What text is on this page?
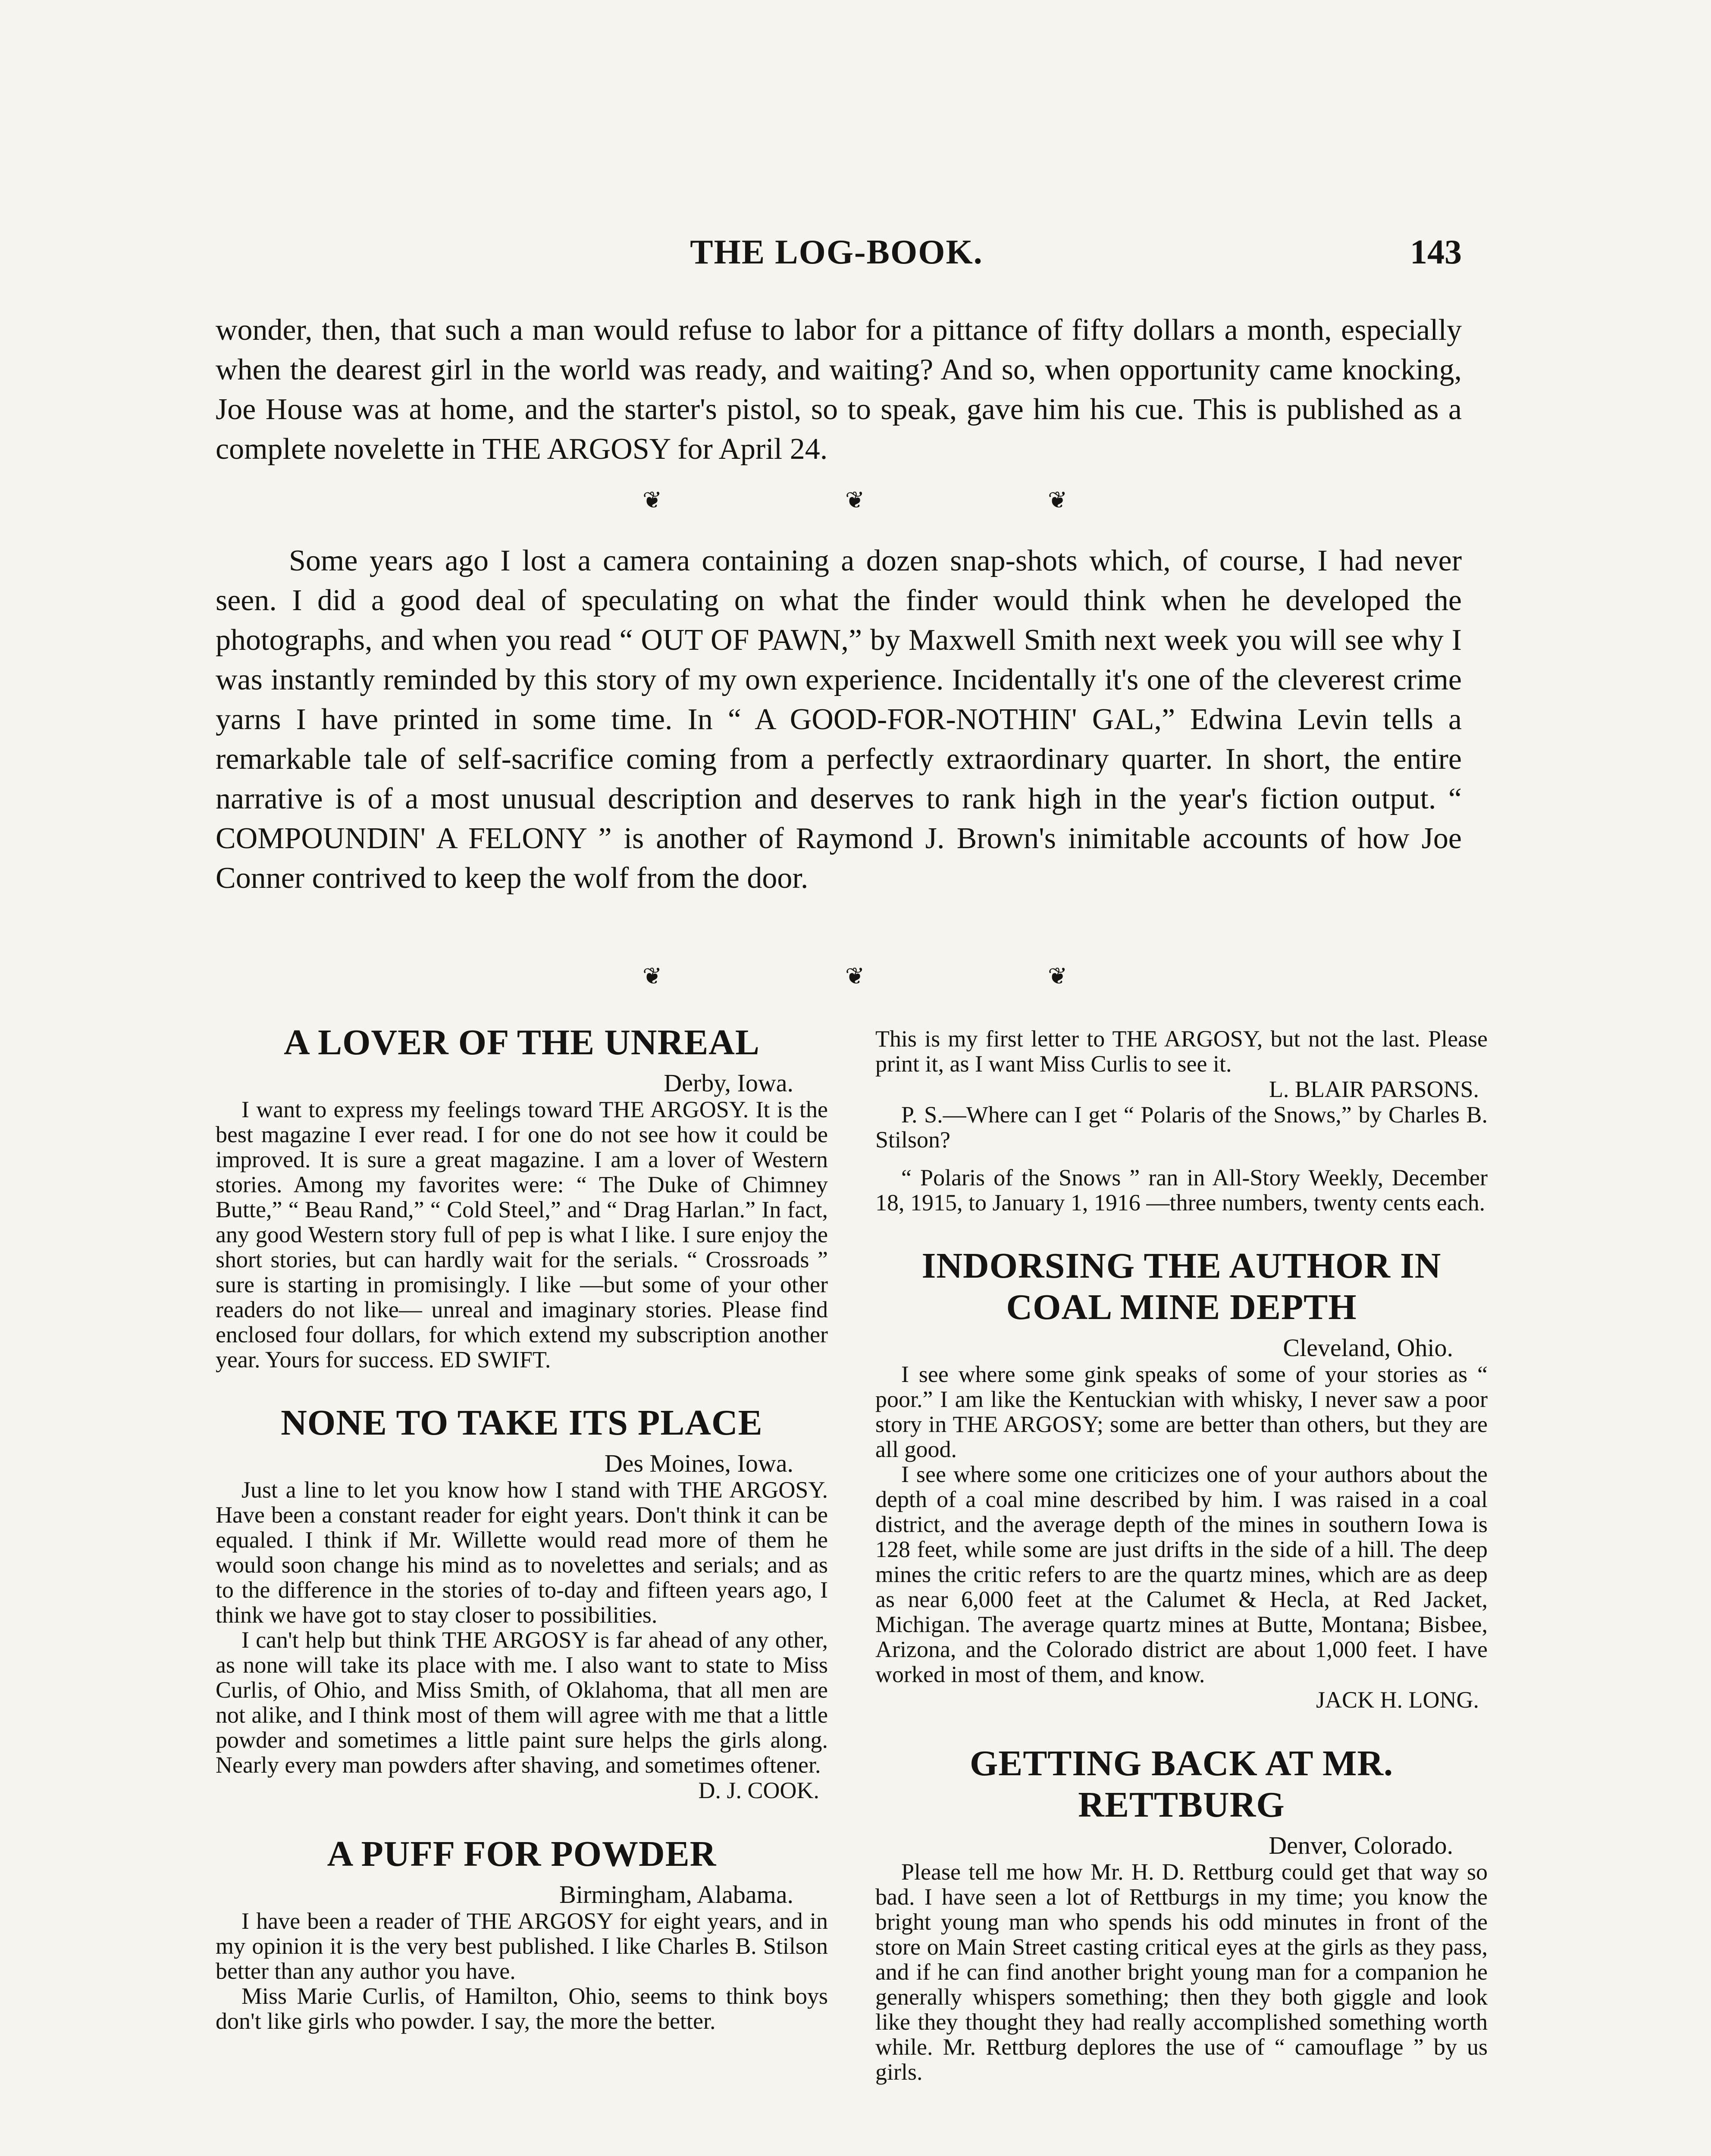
THE LOG-BOOK.	143

wonder, then, that such a man would refuse to labor for a pittance of fifty dollars a month, especially when the dearest girl in the world was ready, and waiting? And so, when opportunity came knocking, Joe House was at home, and the starter's pistol, so to speak, gave him his cue. This is published as a complete novelette in THE ARGOSY for April 24.

❦	❦	❦

Some years ago I lost a camera containing a dozen snap-shots which, of course, I had never seen. I did a good deal of speculating on what the finder would think when he developed the photographs, and when you read “ OUT OF PAWN,” by Maxwell Smith next week you will see why I was instantly reminded by this story of my own experience. Incidentally it's one of the cleverest crime yarns I have printed in some time. In “ A GOOD-FOR-NOTHIN' GAL,” Edwina Levin tells a remarkable tale of self-sacrifice coming from a perfectly extraordinary quarter. In short, the entire narrative is of a most unusual description and deserves to rank high in the year's fiction output. “ COMPOUNDIN' A FELONY ” is another of Raymond J. Brown's inimitable accounts of how Joe Conner contrived to keep the wolf from the door.

❦	❦	❦
A LOVER OF THE UNREAL
Derby, Iowa.

I want to express my feelings toward THE ARGOSY. It is the best magazine I ever read. I for one do not see how it could be improved. It is sure a great magazine. I am a lover of Western stories. Among my favorites were: “ The Duke of Chimney Butte,” “ Beau Rand,” “ Cold Steel,” and “ Drag Harlan.” In fact, any good Western story full of pep is what I like. I sure enjoy the short stories, but can hardly wait for the serials. “ Crossroads ” sure is starting in promisingly. I like —but some of your other readers do not like— unreal and imaginary stories. Please find enclosed four dollars, for which extend my subscription another year. Yours for success. ED SWIFT.

NONE TO TAKE ITS PLACE
Des Moines, Iowa.

Just a line to let you know how I stand with THE ARGOSY. Have been a constant reader for eight years. Don't think it can be equaled. I think if Mr. Willette would read more of them he would soon change his mind as to novelettes and serials; and as to the difference in the stories of to-day and fifteen years ago, I think we have got to stay closer to possibilities.

I can't help but think THE ARGOSY is far ahead of any other, as none will take its place with me. I also want to state to Miss Curlis, of Ohio, and Miss Smith, of Oklahoma, that all men are not alike, and I think most of them will agree with me that a little powder and sometimes a little paint sure helps the girls along. Nearly every man powders after shaving, and sometimes oftener.

D. J. COOK.
A PUFF FOR POWDER
Birmingham, Alabama.

I have been a reader of THE ARGOSY for eight years, and in my opinion it is the very best published. I like Charles B. Stilson better than any author you have.

Miss Marie Curlis, of Hamilton, Ohio, seems to think boys don't like girls who powder. I say, the more the better.

This is my first letter to THE ARGOSY, but not the last. Please print it, as I want Miss Curlis to see it.

L. BLAIR PARSONS.

P. S.—Where can I get “ Polaris of the Snows,” by Charles B. Stilson?

“ Polaris of the Snows ” ran in All-Story Weekly, December 18, 1915, to January 1, 1916 —three numbers, twenty cents each.

INDORSING THE AUTHOR IN COAL MINE DEPTH
Cleveland, Ohio.

I see where some gink speaks of some of your stories as “ poor.” I am like the Kentuckian with whisky, I never saw a poor story in THE ARGOSY; some are better than others, but they are all good.

I see where some one criticizes one of your authors about the depth of a coal mine described by him. I was raised in a coal district, and the average depth of the mines in southern Iowa is 128 feet, while some are just drifts in the side of a hill. The deep mines the critic refers to are the quartz mines, which are as deep as near 6,000 feet at the Calumet & Hecla, at Red Jacket, Michigan. The average quartz mines at Butte, Montana; Bisbee, Arizona, and the Colorado district are about 1,000 feet. I have worked in most of them, and know.

JACK H. LONG.
GETTING BACK AT MR. RETTBURG
Denver, Colorado.

Please tell me how Mr. H. D. Rettburg could get that way so bad. I have seen a lot of Rettburgs in my time; you know the bright young man who spends his odd minutes in front of the store on Main Street casting critical eyes at the girls as they pass, and if he can find another bright young man for a companion he generally whispers something; then they both giggle and look like they thought they had really accomplished something worth while. Mr. Rettburg deplores the use of “ camouflage ” by us girls.
